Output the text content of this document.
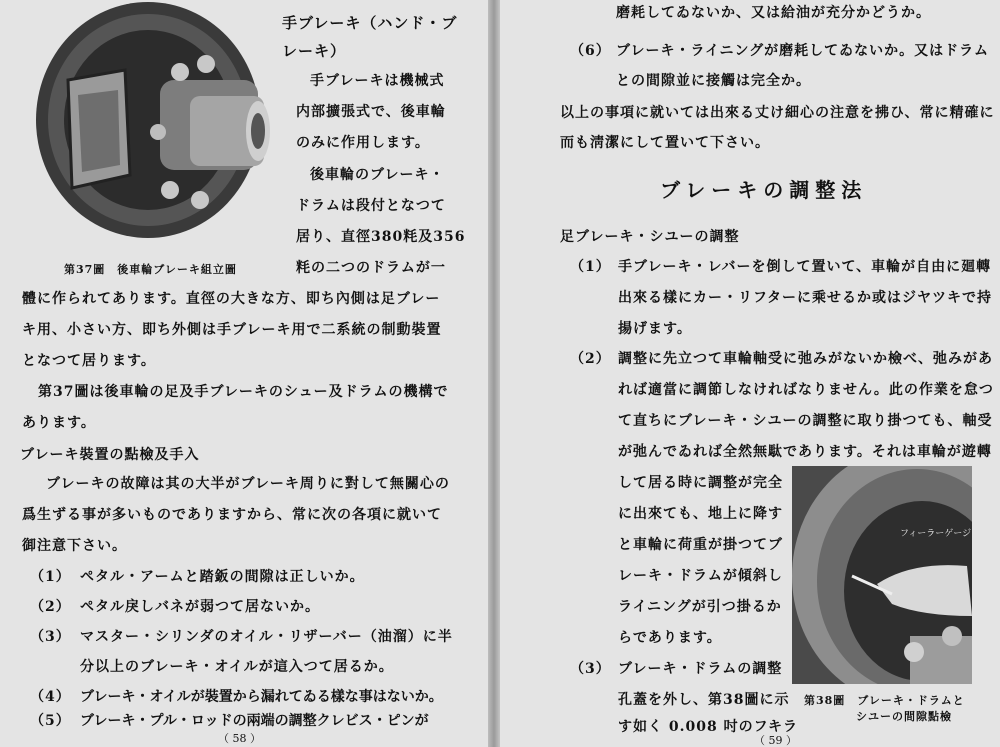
手ブレーキ（ハンド・ブ
レーキ）
手ブレーキは機械式
内部擴張式で、後車輪
のみに作用します。
後車輪のブレーキ・
ドラムは段付となつて
居り、直徑380粍及356
粍の二つのドラムが一
第37圖　後車輪ブレーキ組立圖
體に作られてあります。直徑の大きな方、即ち內側は足ブレー
キ用、小さい方、即ち外側は手ブレーキ用で二系統の制動裝置
となつて居ります。
第37圖は後車輪の足及手ブレーキのシュー及ドラムの機構で
あります。
ブレーキ裝置の點檢及手入
ブレーキの故障は其の大半がブレーキ周りに對して無關心の
爲生ずる事が多いものでありますから、常に次の各項に就いて
御注意下さい。
（1） ペタル・アームと踏鈑の間隙は正しいか。
（2） ペタル戾しバネが弱つて居ないか。
（3） マスター・シリンダのオイル・リザーバー（油溜）に半
分以上のブレーキ・オイルが這入つて居るか。
（4） ブレーキ・オイルが裝置から漏れてゐる樣な事はないか。
（5） ブレーキ・プル・ロッドの兩端の調整クレビス・ピンが
（ 58 ）
磨耗してゐないか、又は給油が充分かどうか。
（6） ブレーキ・ライニングが磨耗してゐないか。又はドラム
との間隙並に接觸は完全か。
以上の事項に就いては出來る丈け細心の注意を拂ひ、常に精確に
而も淸潔にして置いて下さい。
ブレーキの調整法
足ブレーキ・シユーの調整
（1） 手ブレーキ・レバーを倒して置いて、車輪が自由に廻轉
出來る樣にカー・リフターに乘せるか或はジヤツキで持
揚げます。
（2） 調整に先立つて車輪軸受に弛みがないか檢べ、弛みがあ
れば適當に調節しなければなりません。此の作業を怠つ
て直ちにブレーキ・シユーの調整に取り掛つても、軸受
が弛んでゐれば全然無駄であります。それは車輪が遊轉
して居る時に調整が完全
に出來ても、地上に降す
と車輪に荷重が掛つてブ
レーキ・ドラムが傾斜し
ライニングが引つ掛るか
らであります。
（3） ブレーキ・ドラムの調整
孔蓋を外し、第38圖に示
す如く 0.008 吋のフキラ
フィーラーゲージ
第38圖　ブレーキ・ドラムと
シユーの間隙點檢
（ 59 ）
